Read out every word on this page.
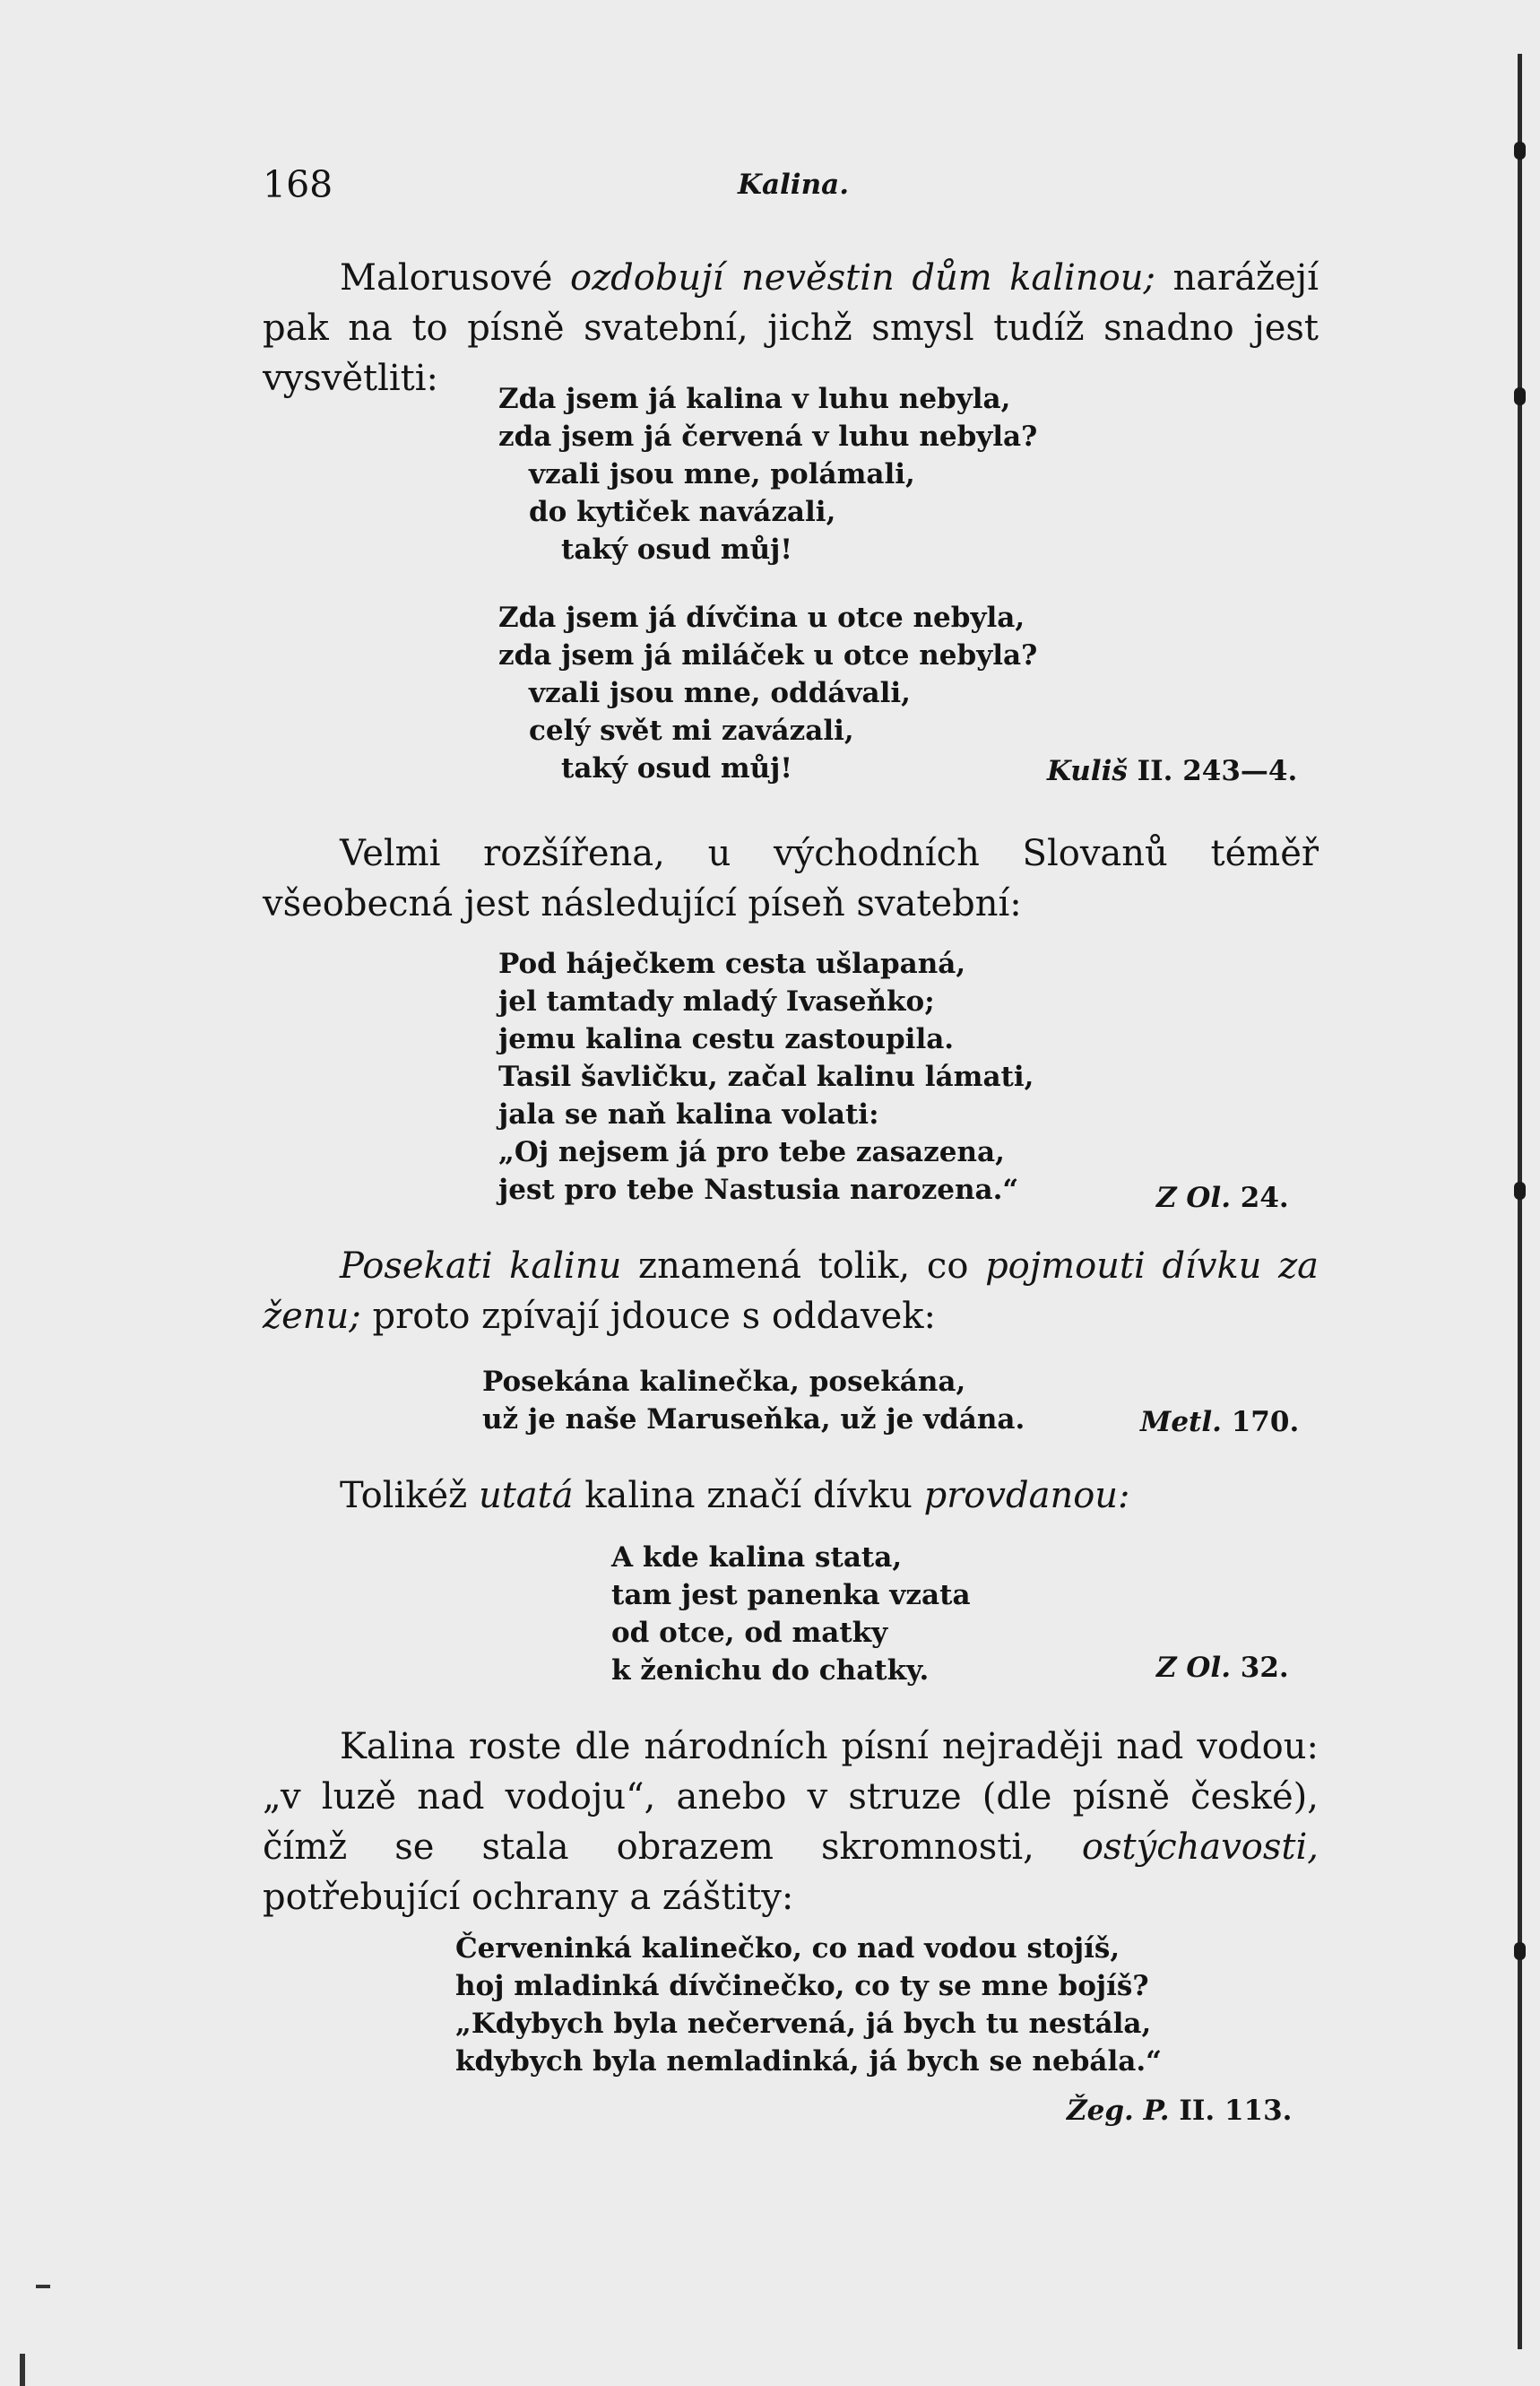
168	Kalina.

Malorusové ozdobují nevěstin dům kalinou; narážejí pak na to písně svatební, jichž smysl tudíž snadno jest vysvětliti:	Zda jsem já kalina v luhu nebyla,
zda jsem já červená v luhu nebyla?
vzali jsou mne, polámali,
do kytiček navázali,
taký osud můj!
Zda jsem já dívčina u otce nebyla,
zda jsem já miláček u otce nebyla?
vzali jsou mne, oddávali,
celý svět mi zavázali,
taký osud můj!	Kuliš II. 243—4.

Velmi rozšířena, u východních Slovanů téměř všeobecná jest následující píseň svatební:

Pod háječkem cesta ušlapaná,
jel tamtady mladý Ivaseňko;
jemu kalina cestu zastoupila.
Tasil šavličku, začal kalinu lámati,
jala se naň kalina volati:
„Oj nejsem já pro tebe zasazena,
jest pro tebe Nastusia narozena.“	Z Ol. 24.

Posekati kalinu znamená tolik, co pojmouti dívku za ženu; proto zpívají jdouce s oddavek:

Posekána kalinečka, posekána,
už je naše Maruseňka, už je vdána.	Metl. 170.

Tolikéž utatá kalina značí dívku provdanou:

A kde kalina stata,
tam jest panenka vzata
od otce, od matky
k ženichu do chatky.	Z Ol. 32.

Kalina roste dle národních písní nejraději nad vodou: „v luzě nad vodoju“, anebo v struze (dle písně české), čímž se stala obrazem skromnosti, ostýchavosti, potřebující ochrany a záštity:

Červeninká kalinečko, co nad vodou stojíš,
hoj mladinká dívčinečko, co ty se mne bojíš?
„Kdybych byla nečervená, já bych tu nestála,
kdybych byla nemladinká, já bych se nebála.“
Žeg. P. II. 113.
